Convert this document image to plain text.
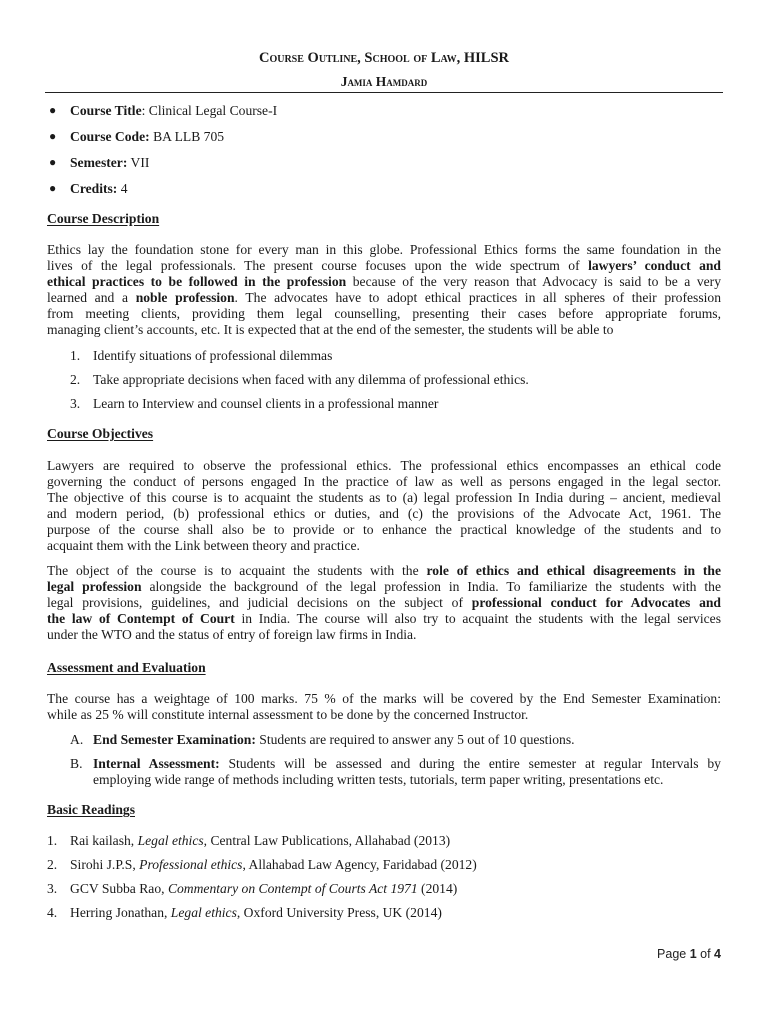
Course Outline, School of Law, HILSR
Jamia Hamdard
● Course Title: Clinical Legal Course-I
● Course Code: BA LLB 705
● Semester: VII
● Credits: 4
Course Description
Ethics lay the foundation stone for every man in this globe. Professional Ethics forms the same foundation in the
lives of the legal professionals. The present course focuses upon the wide spectrum of lawyers’ conduct and
ethical practices to be followed in the profession because of the very reason that Advocacy is said to be a very
learned and a noble profession. The advocates have to adopt ethical practices in all spheres of their profession
from meeting clients, providing them legal counselling, presenting their cases before appropriate forums,
managing client’s accounts, etc. It is expected that at the end of the semester, the students will be able to
1. Identify situations of professional dilemmas
2. Take appropriate decisions when faced with any dilemma of professional ethics.
3. Learn to Interview and counsel clients in a professional manner
Course Objectives
Lawyers are required to observe the professional ethics. The professional ethics encompasses an ethical code
governing the conduct of persons engaged In the practice of law as well as persons engaged in the legal sector.
The objective of this course is to acquaint the students as to (a) legal profession In India during – ancient, medieval
and modern period, (b) professional ethics or duties, and (c) the provisions of the Advocate Act, 1961. The
purpose of the course shall also be to provide or to enhance the practical knowledge of the students and to
acquaint them with the Link between theory and practice.
The object of the course is to acquaint the students with the role of ethics and ethical disagreements in the
legal profession alongside the background of the legal profession in India. To familiarize the students with the
legal provisions, guidelines, and judicial decisions on the subject of professional conduct for Advocates and
the law of Contempt of Court in India. The course will also try to acquaint the students with the legal services
under the WTO and the status of entry of foreign law firms in India.
Assessment and Evaluation
The course has a weightage of 100 marks. 75 % of the marks will be covered by the End Semester Examination:
while as 25 % will constitute internal assessment to be done by the concerned Instructor.
A. End Semester Examination: Students are required to answer any 5 out of 10 questions.
B. Internal Assessment: Students will be assessed and during the entire semester at regular Intervals by
employing wide range of methods including written tests, tutorials, term paper writing, presentations etc.
Basic Readings
1. Rai kailash, Legal ethics, Central Law Publications, Allahabad (2013)
2. Sirohi J.P.S, Professional ethics, Allahabad Law Agency, Faridabad (2012)
3. GCV Subba Rao, Commentary on Contempt of Courts Act 1971 (2014)
4. Herring Jonathan, Legal ethics, Oxford University Press, UK (2014)
Page 1 of 4
